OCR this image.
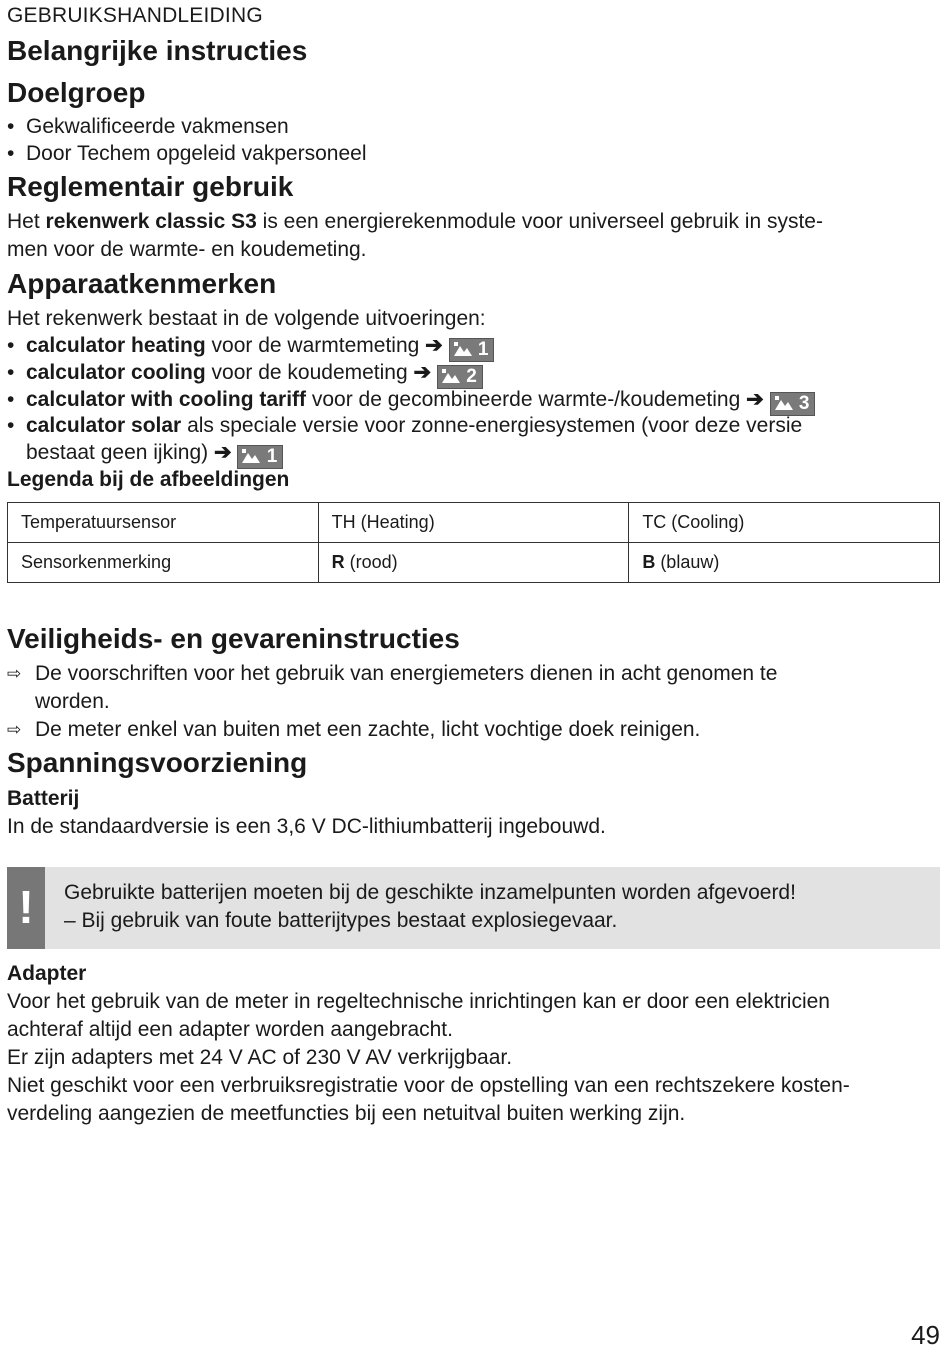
GEBRUIKSHANDLEIDING
Belangrijke instructies
Doelgroep
• Gekwalificeerde vakmensen
• Door Techem opgeleid vakpersoneel
Reglementair gebruik
Het rekenwerk classic S3 is een energierekenmodule voor universeel gebruik in syste-
men voor de warmte- en koudemeting.
Apparaatkenmerken
Het rekenwerk bestaat in de volgende uitvoeringen:
• calculator heating voor de warmtemeting ➔ 1
• calculator cooling voor de koudemeting ➔ 2
• calculator with cooling tariff voor de gecombineerde warmte-/koudemeting ➔ 3
• calculator solar als speciale versie voor zonne-energiesystemen (voor deze versie
bestaat geen ijking) ➔ 1
Legenda bij de afbeeldingen
Temperatuursensor	TH (Heating)	TC (Cooling)
Sensorkenmerking	R (rood)	B (blauw)
Veiligheids- en gevareninstructies
⇨ De voorschriften voor het gebruik van energiemeters dienen in acht genomen te
worden.
⇨ De meter enkel van buiten met een zachte, licht vochtige doek reinigen.
Spanningsvoorziening
Batterij
In de standaardversie is een 3,6 V DC-lithiumbatterij ingebouwd.
!	Gebruikte batterijen moeten bij de geschikte inzamelpunten worden afgevoerd!
– Bij gebruik van foute batterijtypes bestaat explosiegevaar.
Adapter
Voor het gebruik van de meter in regeltechnische inrichtingen kan er door een elektricien
achteraf altijd een adapter worden aangebracht.
Er zijn adapters met 24 V AC of 230 V AV verkrijgbaar.
Niet geschikt voor een verbruiksregistratie voor de opstelling van een rechtszekere kosten-
verdeling aangezien de meetfuncties bij een netuitval buiten werking zijn.
49
